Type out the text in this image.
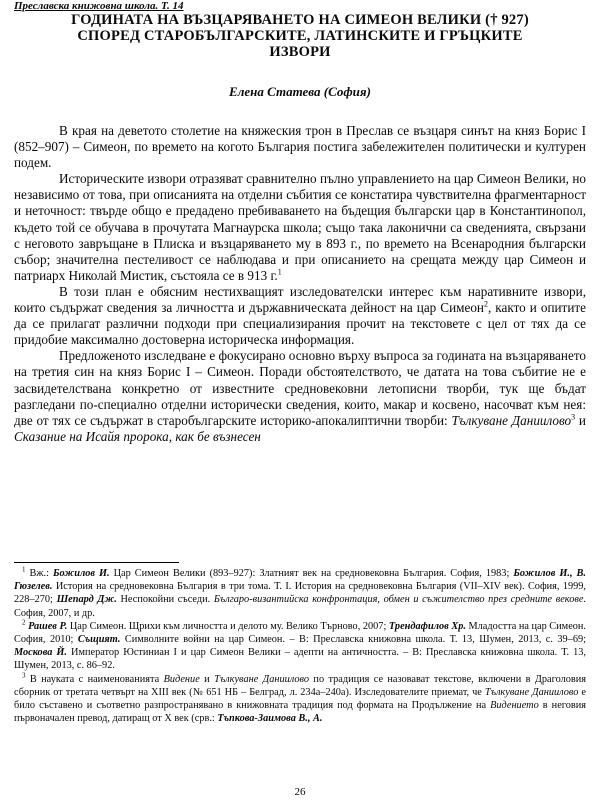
Преславска книжовна школа. Т. 14
ГОДИНАТА НА ВЪЗЦАРЯВАНЕТО НА СИМЕОН ВЕЛИКИ († 927)
СПОРЕД СТАРОБЪЛГАРСКИТЕ, ЛАТИНСКИТЕ И ГРЪЦКИТЕ
ИЗВОРИ
Елена Статева (София)

В края на деветото столетие на княжеския трон в Преслав се възцаря синът на княз Борис I (852–907) – Симеон, по времето на когото България постига забележителен политически и културен подем.

Историческите извори отразяват сравнително пълно управлението на цар Симеон Велики, но независимо от това, при описанията на отделни събития се констатира чувствителна фрагментарност и неточност: твърде общо е предадено пребиваването на бъдещия български цар в Константинопол, където той се обучава в прочутата Магнаурска школа; също така лаконични са сведенията, свързани с неговото завръщане в Плиска и възцаряването му в 893 г., по времето на Всенародния български събор; значителна пестеливост се наблюдава и при описанието на срещата между цар Симеон и патриарх Николай Мистик, състояла се в 913 г.$^1$

В този план е обясним нестихващият изследователски интерес към наративните извори, които съдържат сведения за личността и държавническата дейност на цар Симеон$^2$, както и опитите да се прилагат различни подходи при специализирания прочит на текстовете с цел от тях да се придобие максимално достоверна историческа информация.

Предложеното изследване е фокусирано основно върху въпроса за годината на възцаряването на третия син на княз Борис I – Симеон. Поради обстоятелството, че датата на това събитие не е засвидетелствана конкретно от известните средновековни летописни творби, тук ще бъдат разгледани по-специално отделни исторически сведения, които, макар и косвено, насочват към нея: две от тях се съдържат в старобългарските историко-апокалиптични творби: Тълкуване Даниилово$^3$ и Сказание на Исайя пророка, как бе възнесен

$^1$ Вж.: Божилов И. Цар Симеон Велики (893–927): Златният век на средновековна България. София, 1983; Божилов И., В. Гюзелев. История на средновековна България в три тома. Т. I. История на средновековна България (VII–XIV век). София, 1999, 228–270; Шепард Дж. Неспокойни съседи. Българо-византийска конфронтация, обмен и съжителство през средните векове. София, 2007, и др.

$^2$ Рашев Р. Цар Симеон. Щрихи към личността и делото му. Велико Търново, 2007; Трендафилов Хр. Младостта на цар Симеон. София, 2010; Същият. Символните войни на цар Симеон. – В: Преславска книжовна школа. Т. 13, Шумен, 2013, с. 39–69; Москова Й. Император Юстиниан I и цар Симеон Велики – адепти на античността. – В: Преславска книжовна школа. Т. 13, Шумен, 2013, с. 86–92.

$^3$ В науката с наименованията Видение и Тълкуване Даниилово по традиция се назовават текстове, включени в Драголовия сборник от третата четвърт на XIII век (№ 651 НБ – Белград, л. 234а–240а). Изследователите приемат, че Тълкуване Даниилово е било съставено и съответно разпространявано в книжовната традиция под формата на Продължение на Видението в неговия първоначален превод, датиращ от X век (срв.: Тъпкова-Заимова В., А.

26
